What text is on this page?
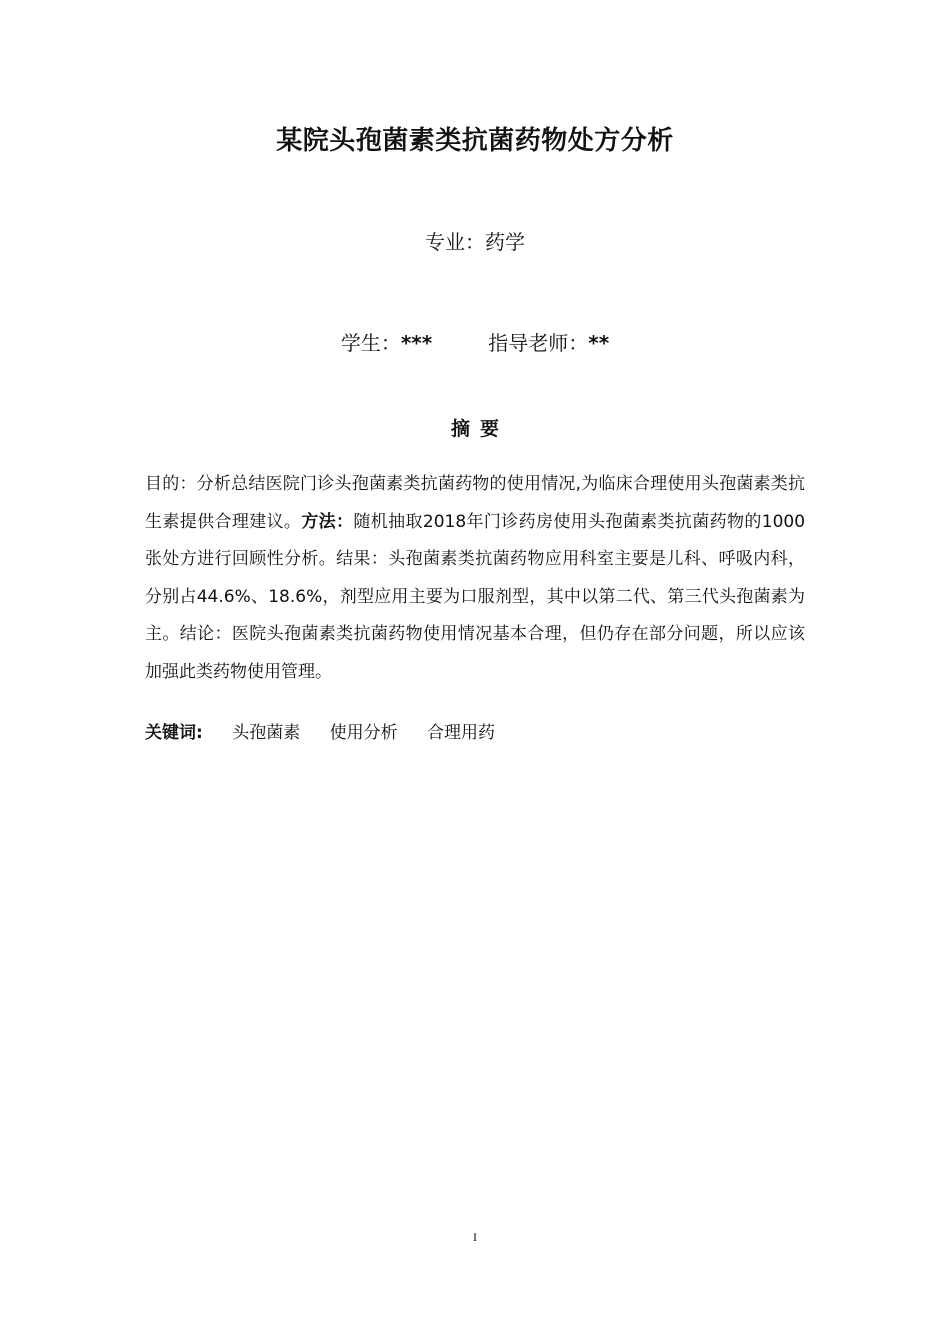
某院头孢菌素类抗菌药物处方分析
专业：药学
学生：***	指导老师：**
摘要
目的：分析总结医院门诊头孢菌素类抗菌药物的使用情况,为临床合理使用头孢菌素类抗生素提供合理建议。方法：随机抽取2018年门诊药房使用头孢菌素类抗菌药物的1000张处方进行回顾性分析。结果：头孢菌素类抗菌药物应用科室主要是儿科、呼吸内科，分别占44.6%、18.6%，剂型应用主要为口服剂型，其中以第二代、第三代头孢菌素为主。结论：医院头孢菌素类抗菌药物使用情况基本合理，但仍存在部分问题，所以应该加强此类药物使用管理。
关键词: 头孢菌素 使用分析 合理用药
I
